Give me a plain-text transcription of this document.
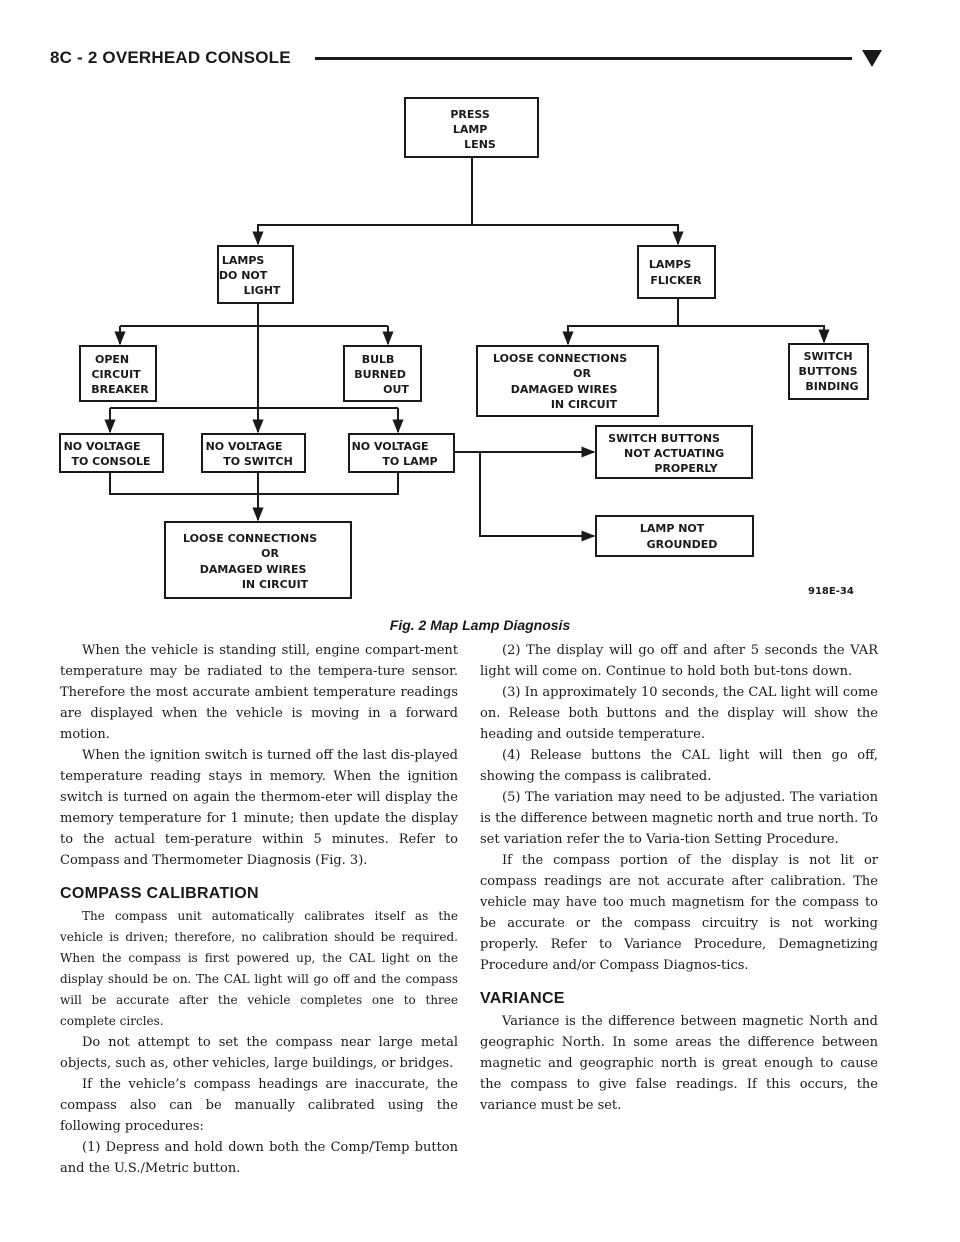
8C - 2 OVERHEAD CONSOLE
PRESS LAMP LENS
LAMPS DO NOT LIGHT
LAMPS FLICKER
OPEN CIRCUIT BREAKER
BULB BURNED OUT
LOOSE CONNECTIONS OR DAMAGED WIRES IN CIRCUIT
SWITCH BUTTONS BINDING
NO VOLTAGE TO CONSOLE
NO VOLTAGE TO SWITCH
NO VOLTAGE TO LAMP
SWITCH BUTTONS NOT ACTUATING PROPERLY
LOOSE CONNECTIONS OR DAMAGED WIRES IN CIRCUIT
LAMP NOT GROUNDED
918E-34
Fig. 2 Map Lamp Diagnosis

When the vehicle is standing still, engine compart-ment temperature may be radiated to the tempera-ture sensor. Therefore the most accurate ambient temperature readings are displayed when the vehicle is moving in a forward motion.

When the ignition switch is turned off the last dis-played temperature reading stays in memory. When the ignition switch is turned on again the thermom-eter will display the memory temperature for 1 minute; then update the display to the actual tem-perature within 5 minutes. Refer to Compass and Thermometer Diagnosis (Fig. 3).

COMPASS CALIBRATION

The compass unit automatically calibrates itself as the vehicle is driven; therefore, no calibration should be required. When the compass is first powered up, the CAL light on the display should be on. The CAL light will go off and the compass will be accurate after the vehicle completes one to three complete circles.

Do not attempt to set the compass near large metal objects, such as, other vehicles, large buildings, or bridges.

If the vehicle’s compass headings are inaccurate, the compass also can be manually calibrated using the following procedures:

(1) Depress and hold down both the Comp/Temp button and the U.S./Metric button.

(2) The display will go off and after 5 seconds the VAR light will come on. Continue to hold both but-tons down.

(3) In approximately 10 seconds, the CAL light will come on. Release both buttons and the display will show the heading and outside temperature.

(4) Release buttons the CAL light will then go off, showing the compass is calibrated.

(5) The variation may need to be adjusted. The variation is the difference between magnetic north and true north. To set variation refer the to Varia-tion Setting Procedure.

If the compass portion of the display is not lit or compass readings are not accurate after calibration. The vehicle may have too much magnetism for the compass to be accurate or the compass circuitry is not working properly. Refer to Variance Procedure, Demagnetizing Procedure and/or Compass Diagnos-tics.

VARIANCE

Variance is the difference between magnetic North and geographic North. In some areas the difference between magnetic and geographic north is great enough to cause the compass to give false readings. If this occurs, the variance must be set.
